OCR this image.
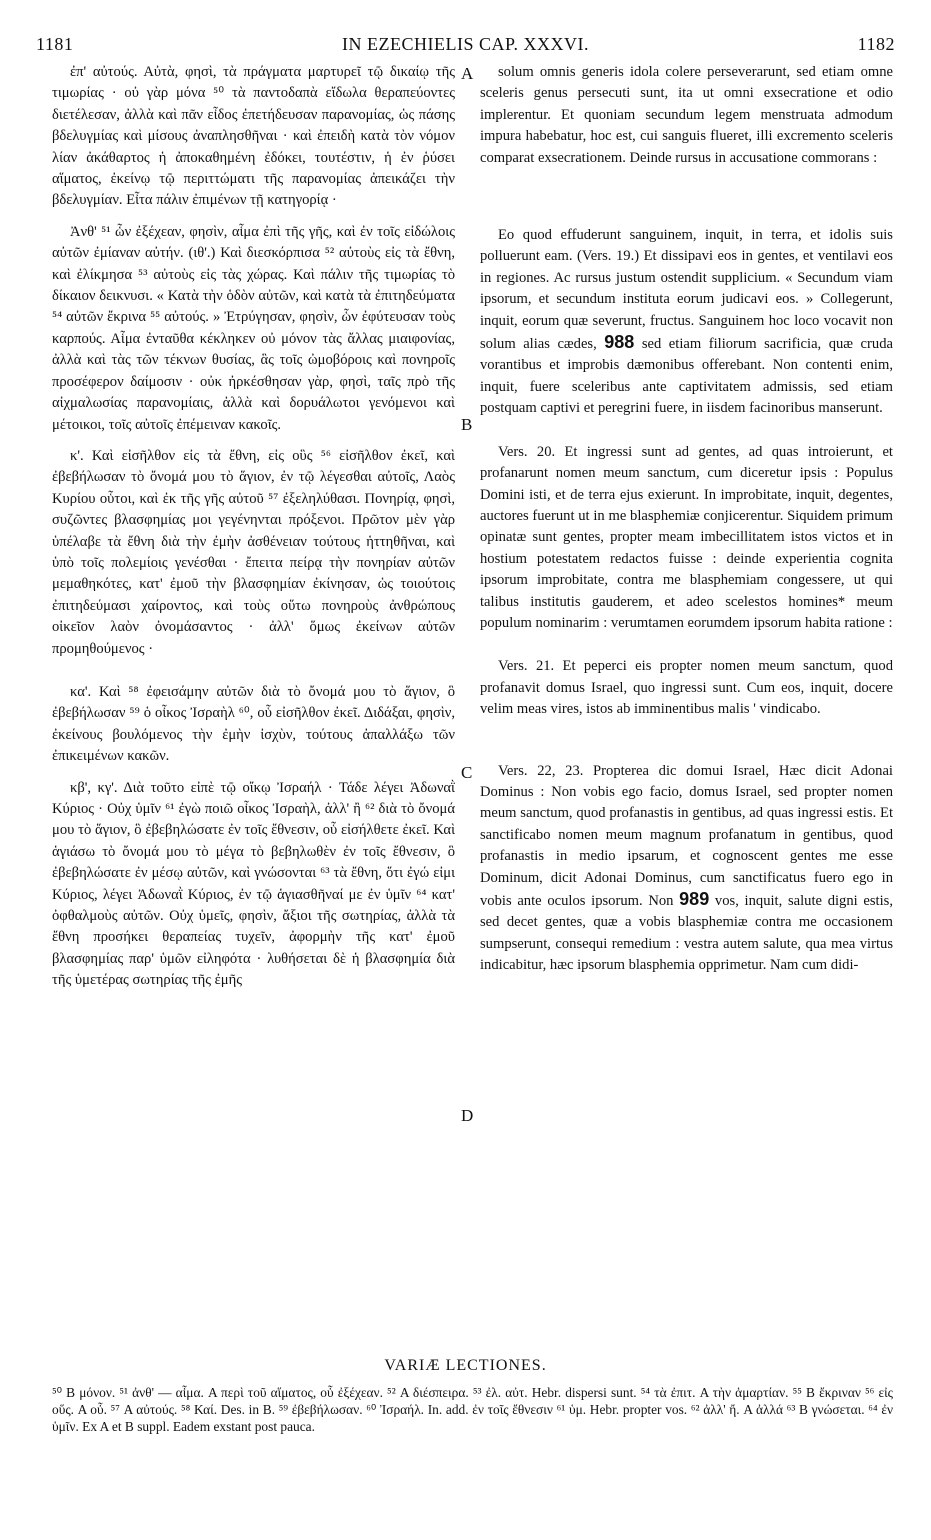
1181	IN EZECHIELIS CAP. XXXVI.	1182

ἐπ' αὐτούς. Αὐτὰ, φησὶ, τὰ πράγματα μαρτυρεῖ τῷ δικαίῳ τῆς τιμωρίας · οὐ γὰρ μόνα ⁵⁰ τὰ παντοδαπὰ εἴδωλα θεραπεύοντες διετέλεσαν, ἀλλὰ καὶ πᾶν εἶδος ἐπετήδευσαν παρανομίας, ὡς πάσης βδελυγμίας καὶ μίσους ἀναπλησθῆναι · καὶ ἐπειδὴ κατὰ τὸν νόμον λίαν ἀκάθαρτος ἡ ἀποκαθημένη ἐδόκει, τουτέστιν, ἡ ἐν ῥύσει αἵματος, ἐκείνῳ τῷ περιττώματι τῆς παρανομίας ἀπεικάζει τὴν βδελυγμίαν. Εἶτα πάλιν ἐπιμένων τῇ κατηγορίᾳ ·

Ἀνθ' ⁵¹ ὧν ἐξέχεαν, φησὶν, αἷμα ἐπὶ τῆς γῆς, καὶ ἐν τοῖς εἰδώλοις αὐτῶν ἐμίαναν αὐτήν. (ιθ'.) Καὶ διεσκόρπισα ⁵² αὐτοὺς εἰς τὰ ἔθνη, καὶ ἐλίκμησα ⁵³ αὐτοὺς εἰς τὰς χώρας. Καὶ πάλιν τῆς τιμωρίας τὸ δίκαιον δεικνυσι. « Κατὰ τὴν ὁδὸν αὐτῶν, καὶ κατὰ τὰ ἐπιτηδεύματα ⁵⁴ αὐτῶν ἔκρινα ⁵⁵ αὐτούς. » Ἐτρύγησαν, φησὶν, ὧν ἐφύτευσαν τοὺς καρπούς. Αἷμα ἐνταῦθα κέκληκεν οὐ μόνον τὰς ἄλλας μιαιφονίας, ἀλλὰ καὶ τὰς τῶν τέκνων θυσίας, ἃς τοῖς ὠμοβόροις καὶ πονηροῖς προσέφερον δαίμοσιν · οὐκ ἠρκέσθησαν γὰρ, φησὶ, ταῖς πρὸ τῆς αἰχμαλωσίας παρανομίαις, ἀλλὰ καὶ δορυάλωτοι γενόμενοι καὶ μέτοικοι, τοῖς αὐτοῖς ἐπέμειναν κακοῖς.

κ'. Καὶ εἰσῆλθον εἰς τὰ ἔθνη, εἰς οὓς ⁵⁶ εἰσῆλθον ἐκεῖ, καὶ ἐβεβήλωσαν τὸ ὄνομά μου τὸ ἅγιον, ἐν τῷ λέγεσθαι αὐτοῖς, Λαὸς Κυρίου οὗτοι, καὶ ἐκ τῆς γῆς αὐτοῦ ⁵⁷ ἐξεληλύθασι. Πονηρίᾳ, φησὶ, συζῶντες βλασφημίας μοι γεγένηνται πρόξενοι. Πρῶτον μὲν γὰρ ὑπέλαβε τὰ ἔθνη διὰ τὴν ἐμὴν ἀσθένειαν τούτους ἡττηθῆναι, καὶ ὑπὸ τοῖς πολεμίοις γενέσθαι · ἔπειτα πείρᾳ τὴν πονηρίαν αὐτῶν μεμαθηκότες, κατ' ἐμοῦ τὴν βλασφημίαν ἐκίνησαν, ὡς τοιούτοις ἐπιτηδεύμασι χαίροντος, καὶ τοὺς οὕτω πονηροὺς ἀνθρώπους οἰκεῖον λαὸν ὀνομάσαντος · ἀλλ' ὅμως ἐκείνων αὐτῶν προμηθούμενος ·

κα'. Καὶ ⁵⁸ ἐφεισάμην αὐτῶν διὰ τὸ ὄνομά μου τὸ ἅγιον, ὃ ἐβεβήλωσαν ⁵⁹ ὁ οἶκος Ἰσραὴλ ⁶⁰, οὗ εἰσῆλθον ἐκεῖ. Διδάξαι, φησὶν, ἐκείνους βουλόμενος τὴν ἐμὴν ἰσχὺν, τούτους ἀπαλλάξω τῶν ἐπικειμένων κακῶν.

κβ', κγ'. Διὰ τοῦτο εἰπὲ τῷ οἴκῳ Ἰσραήλ · Τάδε λέγει Ἀδωναῒ Κύριος · Οὐχ ὑμῖν ⁶¹ ἐγὼ ποιῶ οἶκος Ἰσραὴλ, ἀλλ' ἢ ⁶² διὰ τὸ ὄνομά μου τὸ ἅγιον, ὃ ἐβεβηλώσατε ἐν τοῖς ἔθνεσιν, οὗ εἰσήλθετε ἐκεῖ. Καὶ ἁγιάσω τὸ ὄνομά μου τὸ μέγα τὸ βεβηλωθὲν ἐν τοῖς ἔθνεσιν, ὃ ἐβεβηλώσατε ἐν μέσῳ αὐτῶν, καὶ γνώσονται ⁶³ τὰ ἔθνη, ὅτι ἐγώ εἰμι Κύριος, λέγει Ἀδωναῒ Κύριος, ἐν τῷ ἁγιασθῆναί με ἐν ὑμῖν ⁶⁴ κατ' ὀφθαλμοὺς αὐτῶν. Οὐχ ὑμεῖς, φησὶν, ἄξιοι τῆς σωτηρίας, ἀλλὰ τὰ ἔθνη προσήκει θεραπείας τυχεῖν, ἀφορμὴν τῆς κατ' ἐμοῦ βλασφημίας παρ' ὑμῶν εἰληφότα · λυθήσεται δὲ ἡ βλασφημία διὰ τῆς ὑμετέρας σωτηρίας τῆς ἐμῆς

A
B
C
D

solum omnis generis idola colere perseverarunt, sed etiam omne sceleris genus persecuti sunt, ita ut omni exsecratione et odio implerentur. Et quoniam secundum legem menstruata admodum impura habebatur, hoc est, cui sanguis flueret, illi excremento sceleris comparat exsecrationem. Deinde rursus in accusatione commorans :

Eo quod effuderunt sanguinem, inquit, in terra, et idolis suis polluerunt eam. (Vers. 19.) Et dissipavi eos in gentes, et ventilavi eos in regiones. Ac rursus justum ostendit supplicium. « Secundum viam ipsorum, et secundum instituta eorum judicavi eos. » Collegerunt, inquit, eorum quæ severunt, fructus. Sanguinem hoc loco vocavit non solum alias cædes, 988 sed etiam filiorum sacrificia, quæ cruda vorantibus et improbis dæmonibus offerebant. Non contenti enim, inquit, fuere sceleribus ante captivitatem admissis, sed etiam postquam captivi et peregrini fuere, in iisdem facinoribus manserunt.

Vers. 20. Et ingressi sunt ad gentes, ad quas introierunt, et profanarunt nomen meum sanctum, cum diceretur ipsis : Populus Domini isti, et de terra ejus exierunt. In improbitate, inquit, degentes, auctores fuerunt ut in me blasphemiæ conjicerentur. Siquidem primum opinatæ sunt gentes, propter meam imbecillitatem istos victos et in hostium potestatem redactos fuisse : deinde experientia cognita ipsorum improbitate, contra me blasphemiam congessere, ut qui talibus institutis gauderem, et adeo scelestos homines* meum populum nominarim : verumtamen eorumdem ipsorum habita ratione :

Vers. 21. Et peperci eis propter nomen meum sanctum, quod profanavit domus Israel, quo ingressi sunt. Cum eos, inquit, docere velim meas vires, istos ab imminentibus malis ' vindicabo.

Vers. 22, 23. Propterea dic domui Israel, Hæc dicit Adonai Dominus : Non vobis ego facio, domus Israel, sed propter nomen meum sanctum, quod profanastis in gentibus, ad quas ingressi estis. Et sanctificabo nomen meum magnum profanatum in gentibus, quod profanastis in medio ipsarum, et cognoscent gentes me esse Dominum, dicit Adonai Dominus, cum sanctificatus fuero ego in vobis ante oculos ipsorum. Non 989 vos, inquit, salute digni estis, sed decet gentes, quæ a vobis blasphemiæ contra me occasionem sumpserunt, consequi remedium : vestra autem salute, qua mea virtus indicabitur, hæc ipsorum blasphemia opprimetur. Nam cum didi-

VARIÆ LECTIONES.

⁵⁰ B μόνον. ⁵¹ ἀνθ' — αἷμα. A περὶ τοῦ αἵματος, οὗ ἐξέχεαν. ⁵² A διέσπειρα. ⁵³ ἐλ. αὐτ. Hebr. dispersi sunt. ⁵⁴ τὰ ἐπιτ. A τὴν ἁμαρτίαν. ⁵⁵ B ἔκριναν ⁵⁶ εἰς οὕς. A οὗ. ⁵⁷ A αὐτούς. ⁵⁸ Καί. Des. in B. ⁵⁹ ἐβεβήλωσαν. ⁶⁰ Ἰσραήλ. In. add. ἐν τοῖς ἔθνεσιν ⁶¹ ὑμ. Hebr. propter vos. ⁶² ἀλλ' ἤ. A ἀλλά ⁶³ B γνώσεται. ⁶⁴ ἐν ὑμῖν. Ex A et B suppl. Eadem exstant post pauca.
